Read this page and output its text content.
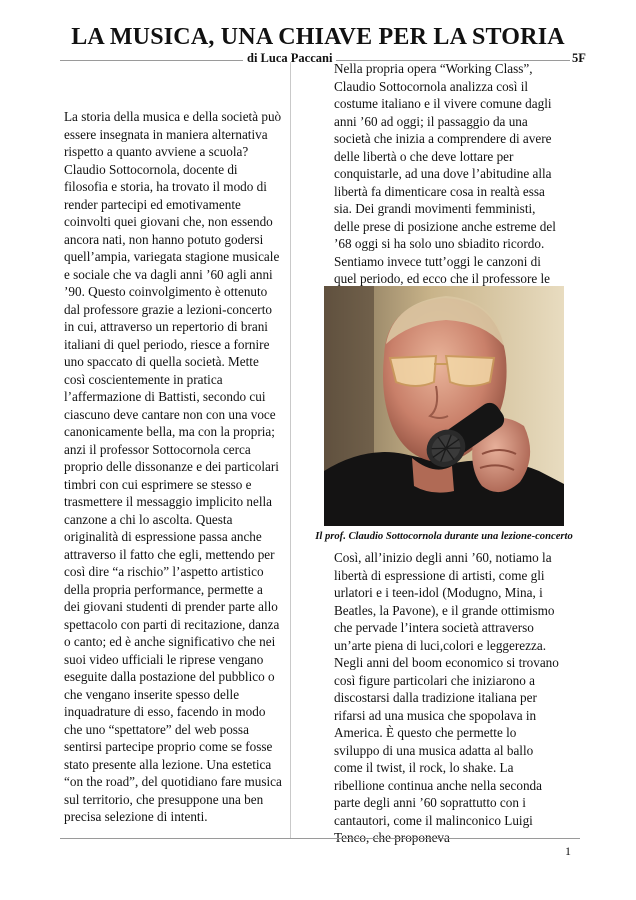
LA MUSICA, UNA CHIAVE PER LA STORIA
di Luca Paccani	5F

La storia della musica e della società può essere insegnata in maniera alternativa rispetto a quanto avviene a scuola? Claudio Sottocornola, docente di filosofia e storia, ha trovato il modo di render partecipi ed emotivamente coinvolti quei giovani che, non essendo ancora nati, non hanno potuto godersi quell’ampia, variegata stagione musicale e sociale che va dagli anni ’60 agli anni ’90. Questo coinvolgimento è ottenuto dal professore grazie a lezioni-concerto in cui, attraverso un repertorio di brani italiani di quel periodo, riesce a fornire uno spaccato di quella società. Mette così coscientemente in pratica l’affermazione di Battisti, secondo cui ciascuno deve cantare non con una voce canonicamente bella, ma con la propria; anzi il professor Sottocornola cerca proprio delle dissonanze e dei particolari timbri con cui esprimere se stesso e trasmettere il messaggio implicito nella canzone a chi lo ascolta. Questa originalità di espressione passa anche attraverso il fatto che egli, mettendo per così dire “a rischio” l’aspetto artistico della propria performance, permette a dei giovani studenti di prender parte allo spettacolo con parti di recitazione, danza o canto; ed è anche significativo che nei suoi video ufficiali le riprese vengano eseguite dalla postazione del pubblico o che vengano inserite spesso delle inquadrature di esso, facendo in modo che uno “spettatore” del web possa sentirsi partecipe proprio come se fosse stato presente alla lezione. Una estetica “on the road”, del quotidiano fare musica sul territorio, che presuppone una ben precisa selezione di intenti.

Nella propria opera “Working Class”, Claudio Sottocornola analizza così il costume italiano e il vivere comune dagli anni ’60 ad oggi; il passaggio da una società che inizia a comprendere di avere delle libertà o che deve lottare per conquistarle, ad una dove l’abitudine alla libertà fa dimenticare cosa in realtà essa sia. Dei grandi movimenti femministi, delle prese di posizione anche estreme del ’68 oggi si ha solo uno sbiadito ricordo. Sentiamo invece tutt’oggi le canzoni di quel periodo, ed ecco che il professore le

Il prof. Claudio Sottocornola durante una lezione-concerto

Così, all’inizio degli anni ’60, notiamo la libertà di espressione di artisti, come gli urlatori e i teen-idol (Modugno, Mina, i Beatles, la Pavone), e il grande ottimismo che pervade l’intera società attraverso un’arte piena di luci,colori e leggerezza. Negli anni del boom economico si trovano così figure particolari che iniziarono a discostarsi dalla tradizione italiana per rifarsi ad una musica che spopolava in America. È questo che permette lo sviluppo di una musica adatta al ballo come il twist, il rock, lo shake. La ribellione continua anche nella seconda parte degli anni ’60 soprattutto con i cantautori, come il malinconico Luigi Tenco, che proponeva

1
